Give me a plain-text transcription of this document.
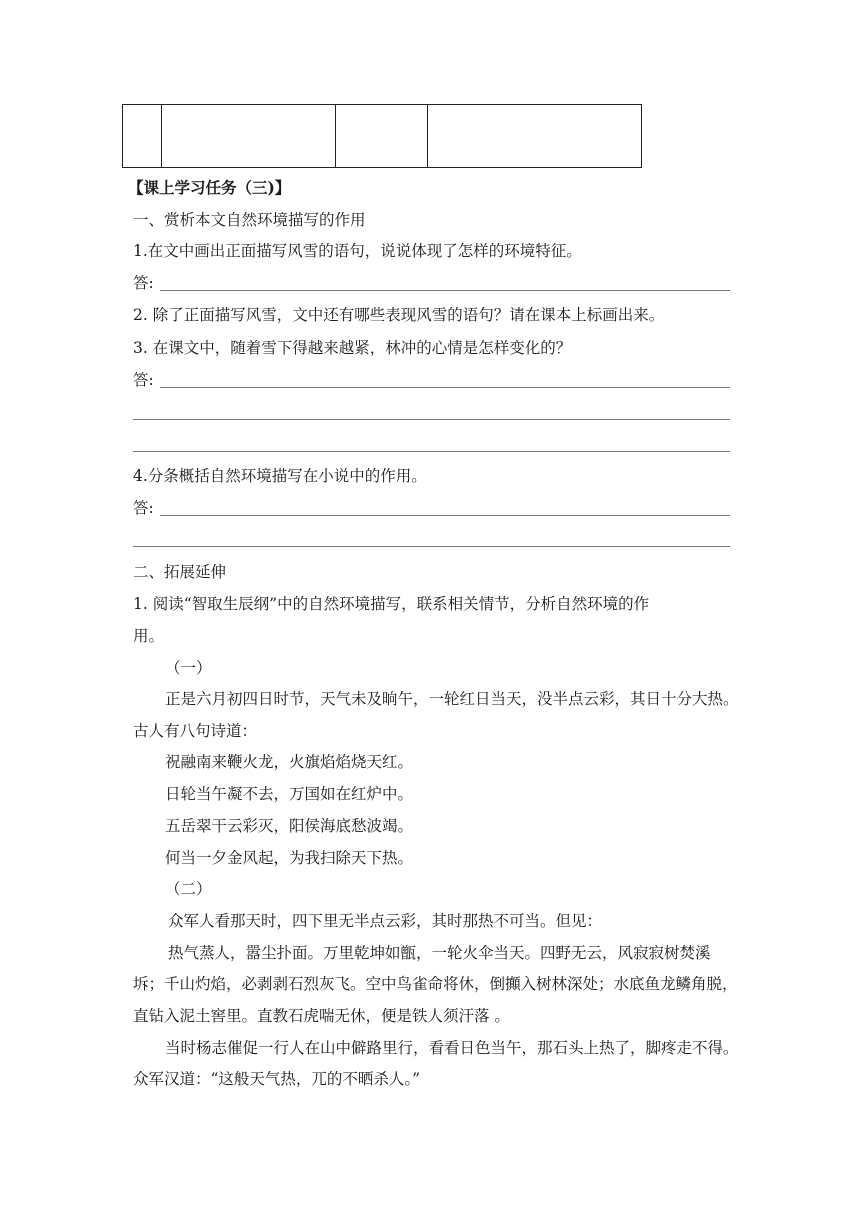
【课上学习任务（三)】
一、赏析本文自然环境描写的作用
1.在文中画出正面描写风雪的语句，说说体现了怎样的环境特征。
答:
2. 除了正面描写风雪，文中还有哪些表现风雪的语句？请在课本上标画出来。
3. 在课文中，随着雪下得越来越紧，林冲的心情是怎样变化的？
答:
4.分条概括自然环境描写在小说中的作用。
答:
二、拓展延伸
1. 阅读“智取生辰纲”中的自然环境描写，联系相关情节，分析自然环境的作
用。
（一）
正是六月初四日时节，天气未及晌午，一轮红日当天，没半点云彩，其日十分大热。
古人有八句诗道：
祝融南来鞭火龙，火旗焰焰烧天红。
日轮当午凝不去，万国如在红炉中。
五岳翠干云彩灭，阳侯海底愁波竭。
何当一夕金风起，为我扫除天下热。
（二）
众军人看那天时，四下里无半点云彩，其时那热不可当。但见：
热气蒸人，嚣尘扑面。万里乾坤如甑，一轮火伞当天。四野无云，风寂寂树焚溪
坼；千山灼焰，必剥剥石烈灰飞。空中鸟雀命将休，倒攧入树林深处；水底鱼龙鳞角脱，
直钻入泥土窖里。直教石虎喘无休，便是铁人须汗落 。
当时杨志催促一行人在山中僻路里行，看看日色当午，那石头上热了，脚疼走不得。
众军汉道：“这般天气热，兀的不晒杀人。”
